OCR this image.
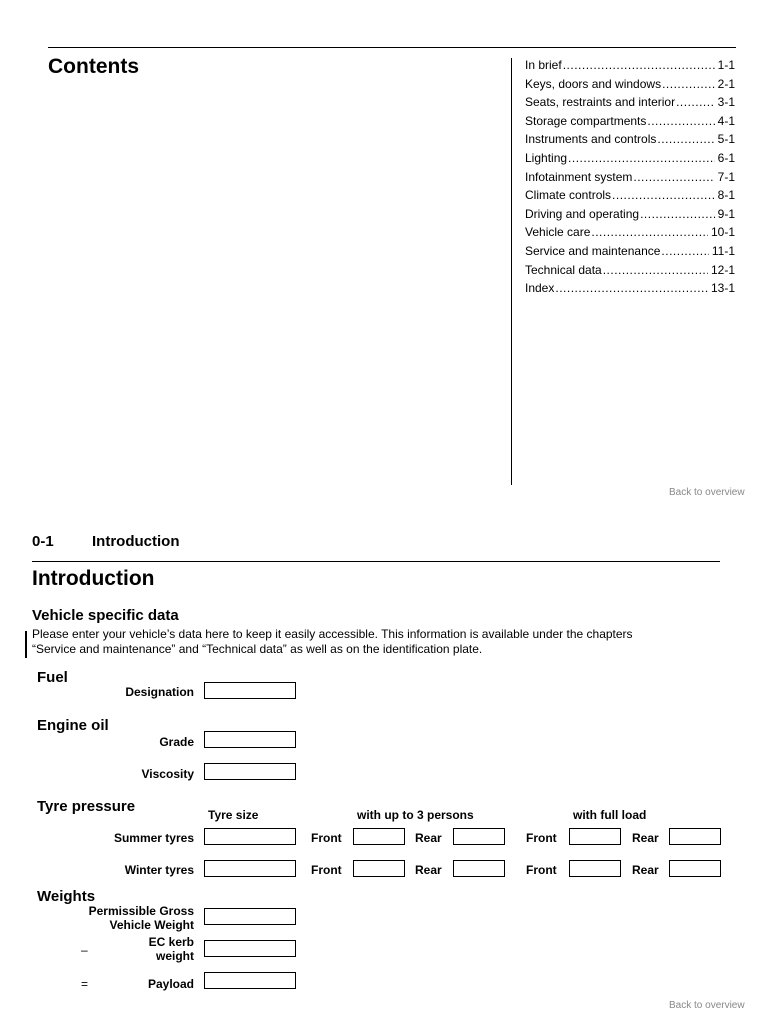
Contents	In brief .....	1-1
Keys, doors and windows .....	2-1
Seats, restraints and interior .....	3-1
Storage compartments .....	4-1
Instruments and controls .....	5-1
Lighting .....	6-1
Infotainment system .....	7-1
Climate controls .....	8-1
Driving and operating .....	9-1
Vehicle care .....	10-1
Service and maintenance .....	11-1
Technical data .....	12-1
Index .....	13-1
Back to overview
0-1	Introduction
Introduction
Vehicle specific data
Please enter your vehicle’s data here to keep it easily accessible. This information is available under the chapters
“Service and maintenance” and “Technical data” as well as on the identification plate.
Fuel
Designation
Engine oil
Grade
Viscosity
Tyre pressure	Tyre size	with up to 3 persons	with full load
Summer tyres	Front	Rear	Front	Rear
Winter tyres	Front	Rear	Front	Rear
Weights
Permissible Gross
Vehicle Weight
–
EC kerb
weight
=	Payload
Back to overview
